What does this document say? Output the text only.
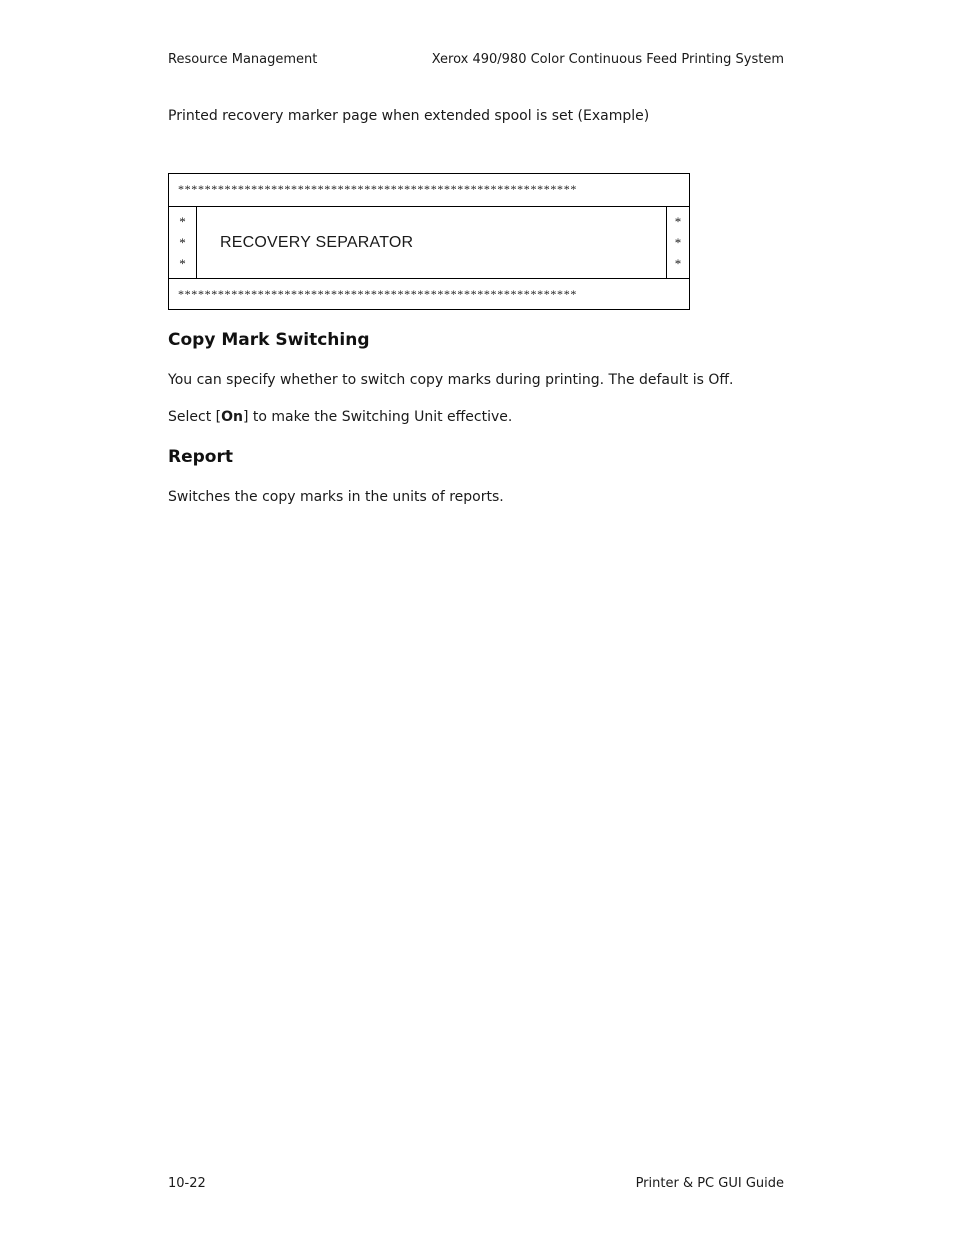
Resource Management	Xerox 490/980 Color Continuous Feed Printing System
Printed recovery marker page when extended spool is set (Example)
************************************************************
*
*
*
RECOVERY SEPARATOR
*
*
*
************************************************************
Copy Mark Switching
You can specify whether to switch copy marks during printing. The default is Off.
Select [On] to make the Switching Unit effective.
Report
Switches the copy marks in the units of reports.
10-22	Printer & PC GUI Guide
